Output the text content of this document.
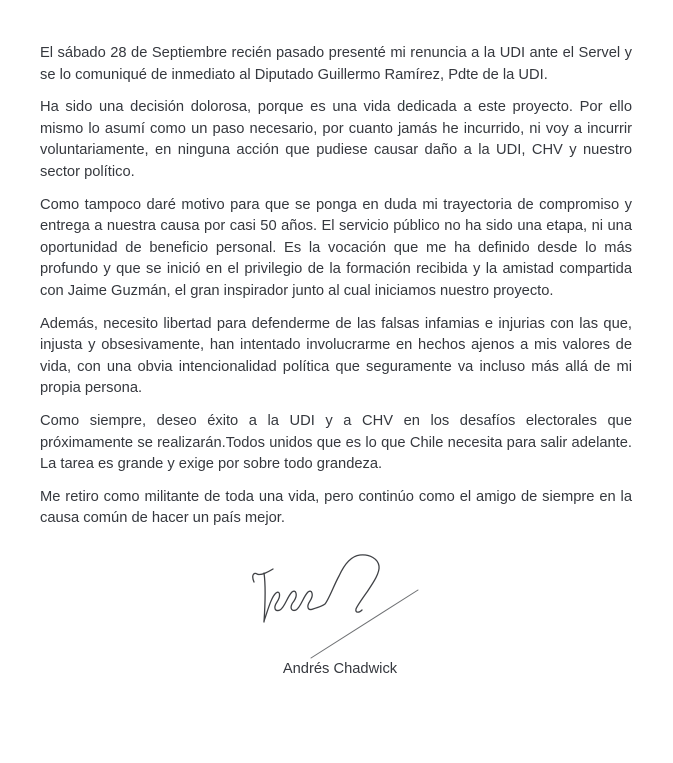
El sábado 28 de Septiembre recién pasado presenté mi renuncia a la UDI ante el Servel y se lo comuniqué de inmediato al Diputado Guillermo Ramírez, Pdte de la UDI.

Ha sido una decisión dolorosa, porque es una vida dedicada a este proyecto. Por ello mismo lo asumí como un paso necesario, por cuanto jamás he incurrido, ni voy a incurrir voluntariamente, en ninguna acción que pudiese causar daño a la UDI, CHV y nuestro sector político.

Como tampoco daré motivo para que se ponga en duda mi trayectoria de compromiso y entrega a nuestra causa por casi 50 años. El servicio público no ha sido una etapa, ni una oportunidad de beneficio personal. Es la vocación que me ha definido desde lo más profundo y que se inició en el privilegio de la formación recibida y la amistad compartida con Jaime Guzmán, el gran inspirador junto al cual iniciamos nuestro proyecto.

Además, necesito libertad para defenderme de las falsas infamias e injurias con las que, injusta y obsesivamente, han intentado involucrarme en hechos ajenos a mis valores de vida, con una obvia intencionalidad política que seguramente va incluso más allá de mi propia persona.

Como siempre, deseo éxito a la UDI y a CHV en los desafíos electorales que próximamente se realizarán.Todos unidos que es lo que Chile necesita para salir adelante. La tarea es grande y exige por sobre todo grandeza.

Me retiro como militante de toda una vida, pero continúo como el amigo de siempre en la causa común de hacer un país mejor.

Andrés Chadwick
